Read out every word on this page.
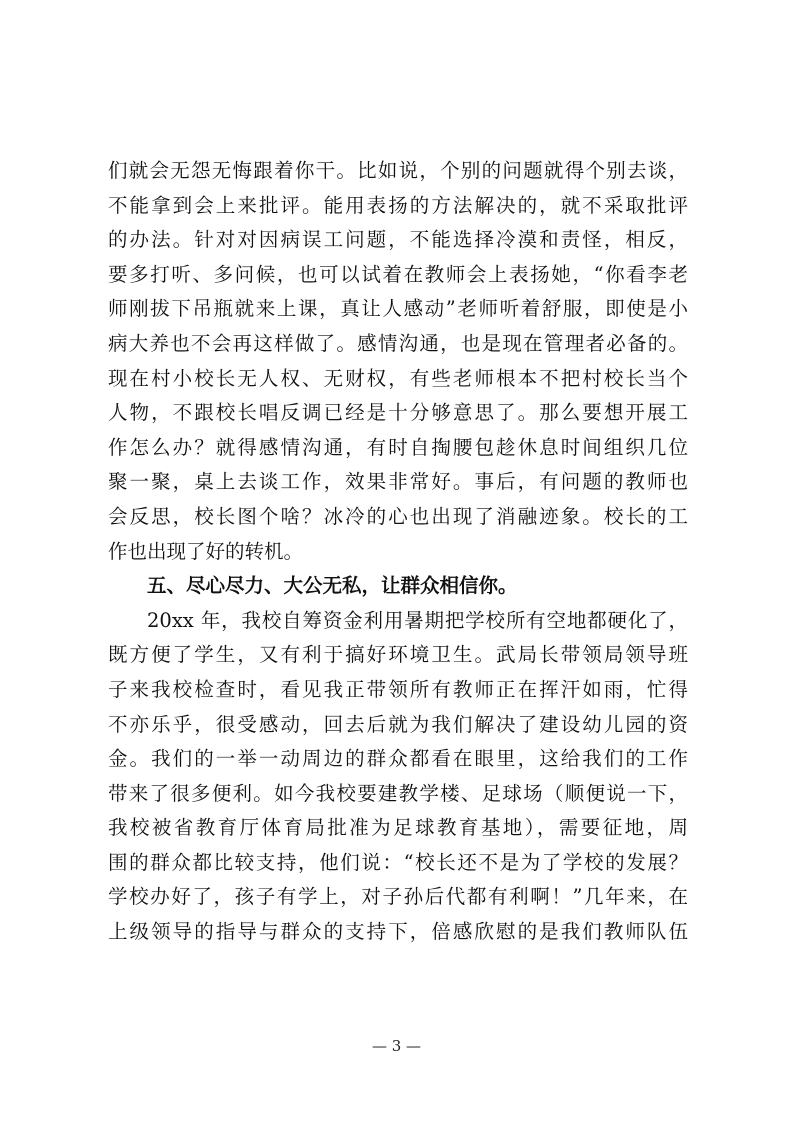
们就会无怨无悔跟着你干。比如说，个别的问题就得个别去谈，
不能拿到会上来批评。能用表扬的方法解决的，就不采取批评
的办法。针对对因病误工问题，不能选择冷漠和责怪，相反，
要多打听、多问候，也可以试着在教师会上表扬她，“你看李老
师刚拔下吊瓶就来上课，真让人感动”老师听着舒服，即使是小
病大养也不会再这样做了。感情沟通，也是现在管理者必备的。
现在村小校长无人权、无财权，有些老师根本不把村校长当个
人物，不跟校长唱反调已经是十分够意思了。那么要想开展工
作怎么办？就得感情沟通，有时自掏腰包趁休息时间组织几位
聚一聚，桌上去谈工作，效果非常好。事后，有问题的教师也
会反思，校长图个啥？冰冷的心也出现了消融迹象。校长的工
作也出现了好的转机。
五、尽心尽力、大公无私，让群众相信你。
20xx 年，我校自筹资金利用暑期把学校所有空地都硬化了，
既方便了学生，又有利于搞好环境卫生。武局长带领局领导班
子来我校检查时，看见我正带领所有教师正在挥汗如雨，忙得
不亦乐乎，很受感动，回去后就为我们解决了建设幼儿园的资
金。我们的一举一动周边的群众都看在眼里，这给我们的工作
带来了很多便利。如今我校要建教学楼、足球场（顺便说一下，
我校被省教育厅体育局批准为足球教育基地），需要征地，周
围的群众都比较支持，他们说：“校长还不是为了学校的发展？
学校办好了，孩子有学上，对子孙后代都有利啊！”几年来，在
上级领导的指导与群众的支持下，倍感欣慰的是我们教师队伍
— 3 —
